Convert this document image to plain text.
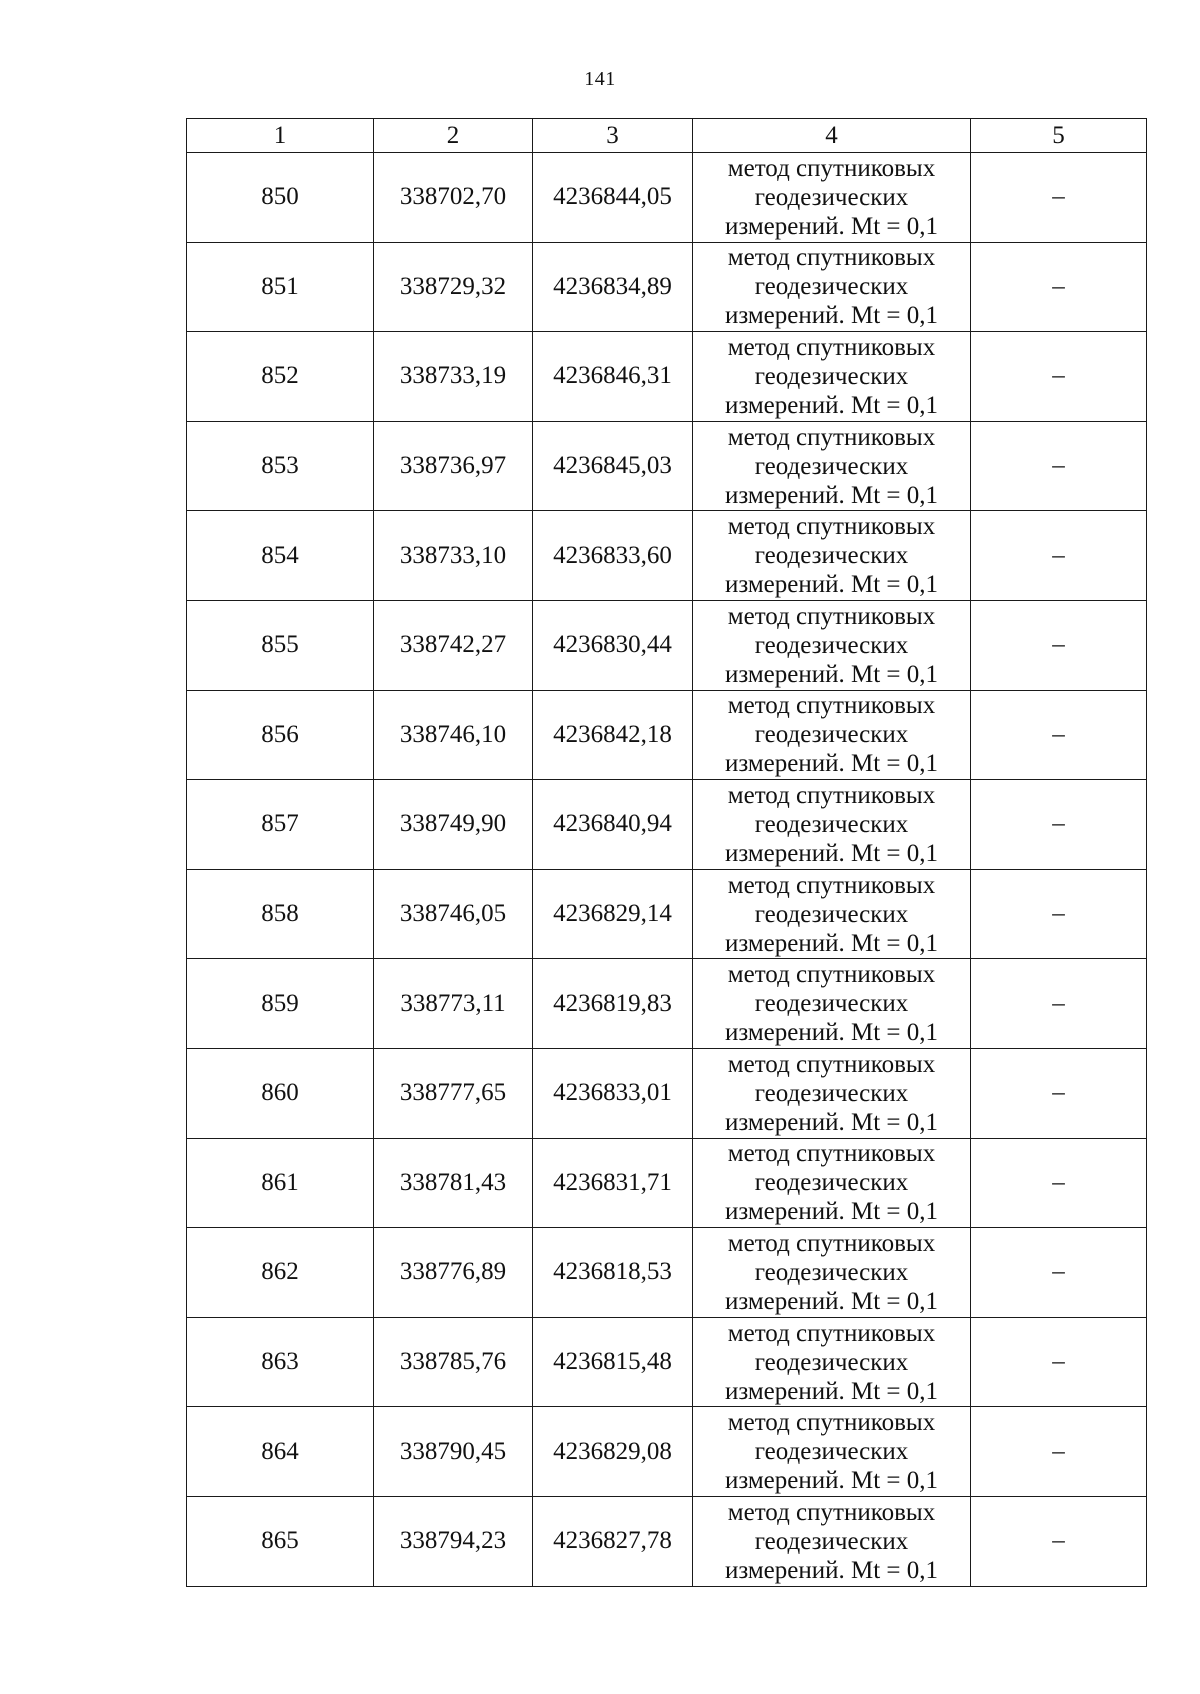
141
1	2	3	4	5
850	338702,70	4236844,05	метод спутниковых
геодезических
измерений. Mt = 0,1	–
851	338729,32	4236834,89	метод спутниковых
геодезических
измерений. Mt = 0,1	–
852	338733,19	4236846,31	метод спутниковых
геодезических
измерений. Mt = 0,1	–
853	338736,97	4236845,03	метод спутниковых
геодезических
измерений. Mt = 0,1	–
854	338733,10	4236833,60	метод спутниковых
геодезических
измерений. Mt = 0,1	–
855	338742,27	4236830,44	метод спутниковых
геодезических
измерений. Mt = 0,1	–
856	338746,10	4236842,18	метод спутниковых
геодезических
измерений. Mt = 0,1	–
857	338749,90	4236840,94	метод спутниковых
геодезических
измерений. Mt = 0,1	–
858	338746,05	4236829,14	метод спутниковых
геодезических
измерений. Mt = 0,1	–
859	338773,11	4236819,83	метод спутниковых
геодезических
измерений. Mt = 0,1	–
860	338777,65	4236833,01	метод спутниковых
геодезических
измерений. Mt = 0,1	–
861	338781,43	4236831,71	метод спутниковых
геодезических
измерений. Mt = 0,1	–
862	338776,89	4236818,53	метод спутниковых
геодезических
измерений. Mt = 0,1	–
863	338785,76	4236815,48	метод спутниковых
геодезических
измерений. Mt = 0,1	–
864	338790,45	4236829,08	метод спутниковых
геодезических
измерений. Mt = 0,1	–
865	338794,23	4236827,78	метод спутниковых
геодезических
измерений. Mt = 0,1	–
